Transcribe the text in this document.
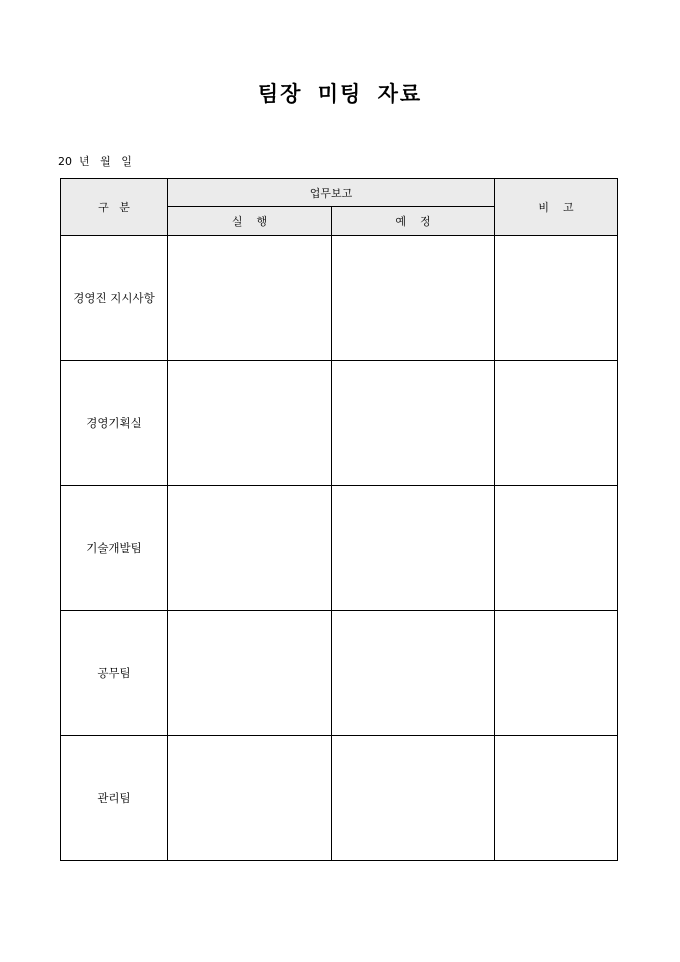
팀장 미팅 자료
20  년   월   일
구   분	업무보고		비    고
	실    행	예    정	
경영진 지시사항			
경영기획실			
기술개발팀			
공무팀			
관리팀			
